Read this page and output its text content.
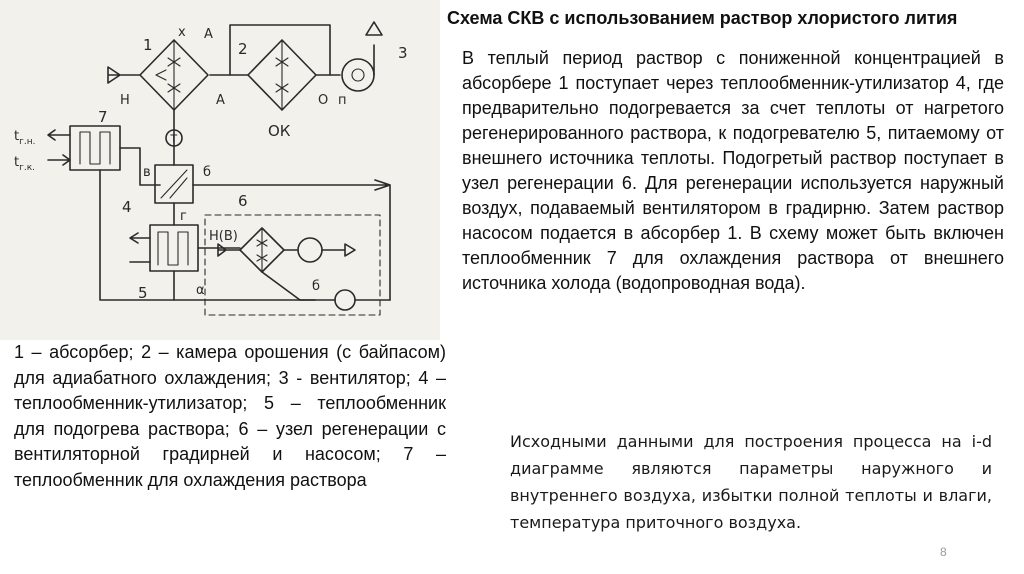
1
х А
2	3
Н	А	О п
ОК
т
7
$t_{г.н.}$
$t_{г.к.}$	в	б
4
г
6
Н(В)
5	α	б
Схема СКВ с использованием раствор хлористого лития

В теплый период раствор с пониженной концентрацией в абсорбере 1 поступает через теплообменник-утилизатор 4, где предварительно подогревается за счет теплоты от нагретого регенерированного раствора, к подогревателю 5, питаемому от внешнего источника теплоты. Подогретый раствор поступает в узел регенерации 6. Для регенерации используется наружный воздух, подаваемый вентилятором в градирню. Затем раствор насосом подается в абсорбер 1. В схему может быть включен теплообменник 7 для охлаждения раствора от внешнего источника холода (водопроводная вода).

1 – абсорбер; 2 – камера орошения (с байпасом) для адиабатного охлаждения; 3 - вентилятор; 4 – теплообменник-утилизатор; 5 – теплообменник для подогрева раствора; 6 – узел регенерации с вентиляторной градирней и насосом; 7 – теплообменник для охлаждения раствора

Исходными данными для построения процесса на i-d диаграмме являются параметры наружного и внутреннего воздуха, избытки полной теплоты и влаги, температура приточного воздуха.

8
